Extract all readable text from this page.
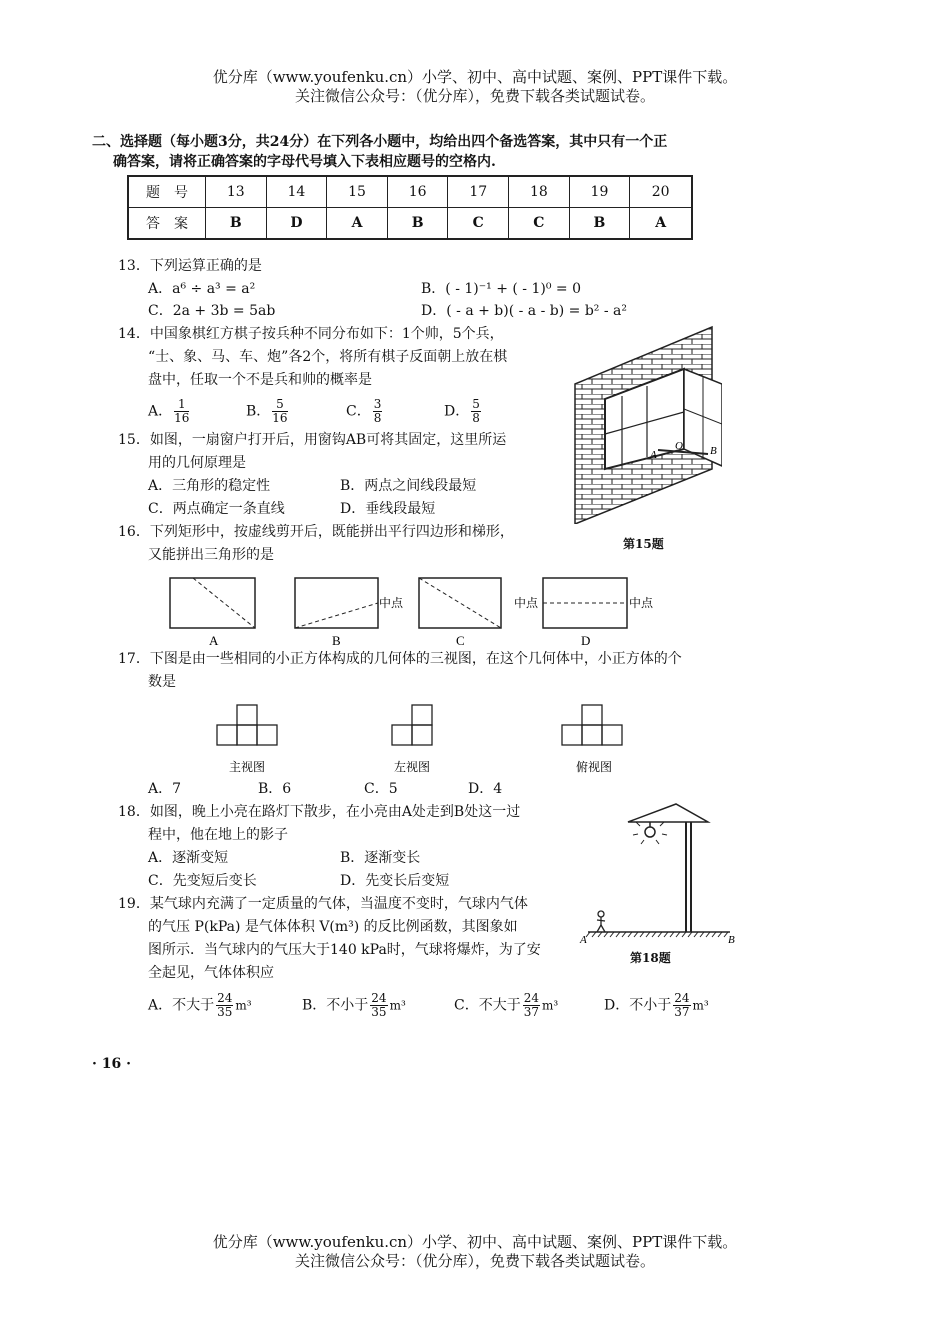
优分库（www.youfenku.cn）小学、初中、高中试题、案例、PPT课件下载。
关注微信公众号：（优分库），免费下载各类试题试卷。
二、选择题（每小题3分，共24分）在下列各小题中，均给出四个备选答案，其中只有一个正
确答案，请将正确答案的字母代号填入下表相应题号的空格内.
题　号	13	14	15	16	17	18	19	20
答　案	B	D	A	B	C	C	B	A
13．下列运算正确的是
A．a⁶ ÷ a³ = a²	B．( - 1)⁻¹ + ( - 1)⁰ = 0
C．2a + 3b = 5ab	D．( - a + b)( - a - b) = b² - a²
14．中国象棋红方棋子按兵种不同分布如下：1个帅，5个兵，
“士、象、马、车、炮”各2个，将所有棋子反面朝上放在棋
盘中，任取一个不是兵和帅的概率是
A． $\frac{1}{16}$	B． $\frac{5}{16}$	C． $\frac{3}{8}$	D． $\frac{5}{8}$
15．如图，一扇窗户打开后，用窗钩AB可将其固定，这里所运
用的几何原理是
A．三角形的稳定性	B．两点之间线段最短
C．两点确定一条直线	D．垂线段最短
A
O B
第15题
16．下列矩形中，按虚线剪开后，既能拼出平行四边形和梯形，
又能拼出三角形的是
中点	中点	中点
A	B	C	D
17．下图是由一些相同的小正方体构成的几何体的三视图，在这个几何体中，小正方体的个
数是
主视图	左视图	俯视图
A．7	B．6	C．5	D．4
18．如图，晚上小亮在路灯下散步，在小亮由A处走到B处这一过
程中，他在地上的影子
A．逐渐变短	B．逐渐变长
C．先变短后变长	D．先变长后变短
A	B
第18题
19．某气球内充满了一定质量的气体，当温度不变时，气球内气体
的气压 P(kPa) 是气体体积 V(m³) 的反比例函数，其图象如
图所示．当气球内的气压大于140 kPa时，气球将爆炸，为了安
全起见，气体体积应
A．不大于 $\frac{24}{35} m^3$	B．不小于 $\frac{24}{35} m^3$	C．不大于 $\frac{24}{37} m^3$	D．不小于 $\frac{24}{37} m^3$
· 16 ·
优分库（www.youfenku.cn）小学、初中、高中试题、案例、PPT课件下载。
关注微信公众号：（优分库），免费下载各类试题试卷。
